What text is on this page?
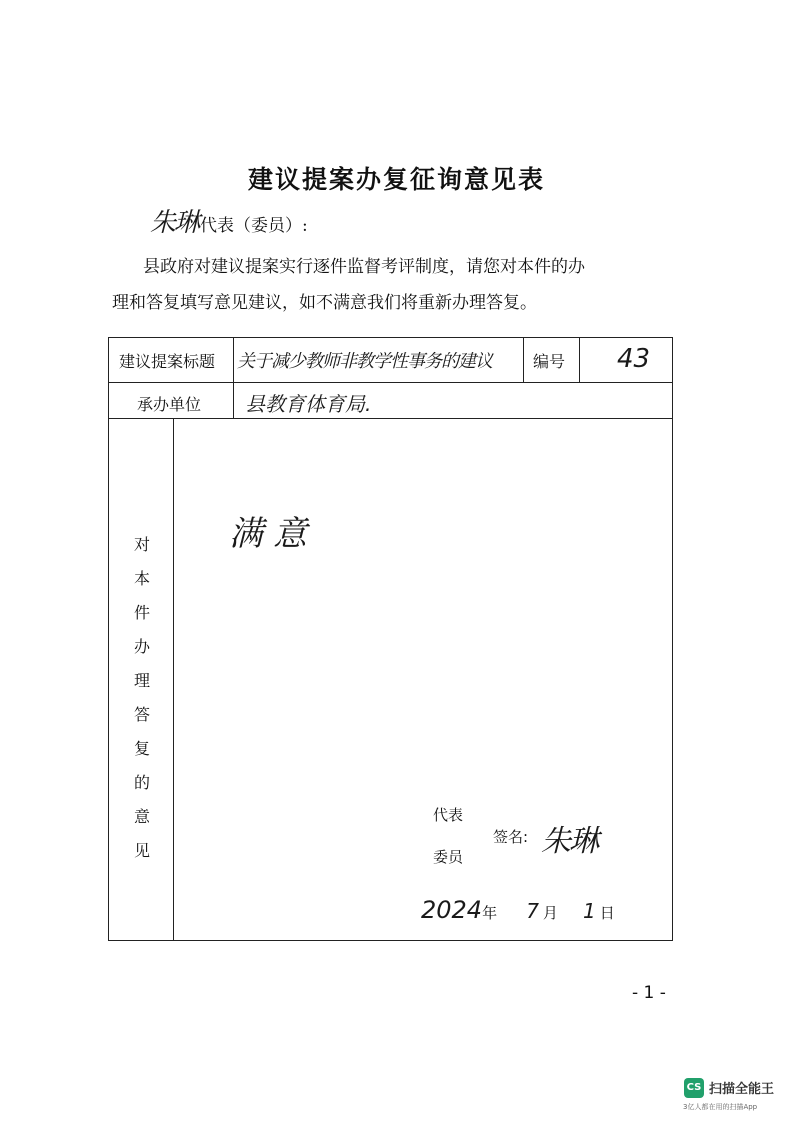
建议提案办复征询意见表
朱琳 代表（委员）:
县政府对建议提案实行逐件监督考评制度，请您对本件的办
理和答复填写意见建议，如不满意我们将重新办理答复。
建议提案标题 关于减少教师非教学性事务的建议	编号 43
承办单位 县教育体育局.
对
本
件
办
理
答
复
的
意
见
满意
代表
委员
签名: 朱琳
2024年 7 月 1 日
- 1 -
CS 扫描全能王
3亿人都在用的扫描App
